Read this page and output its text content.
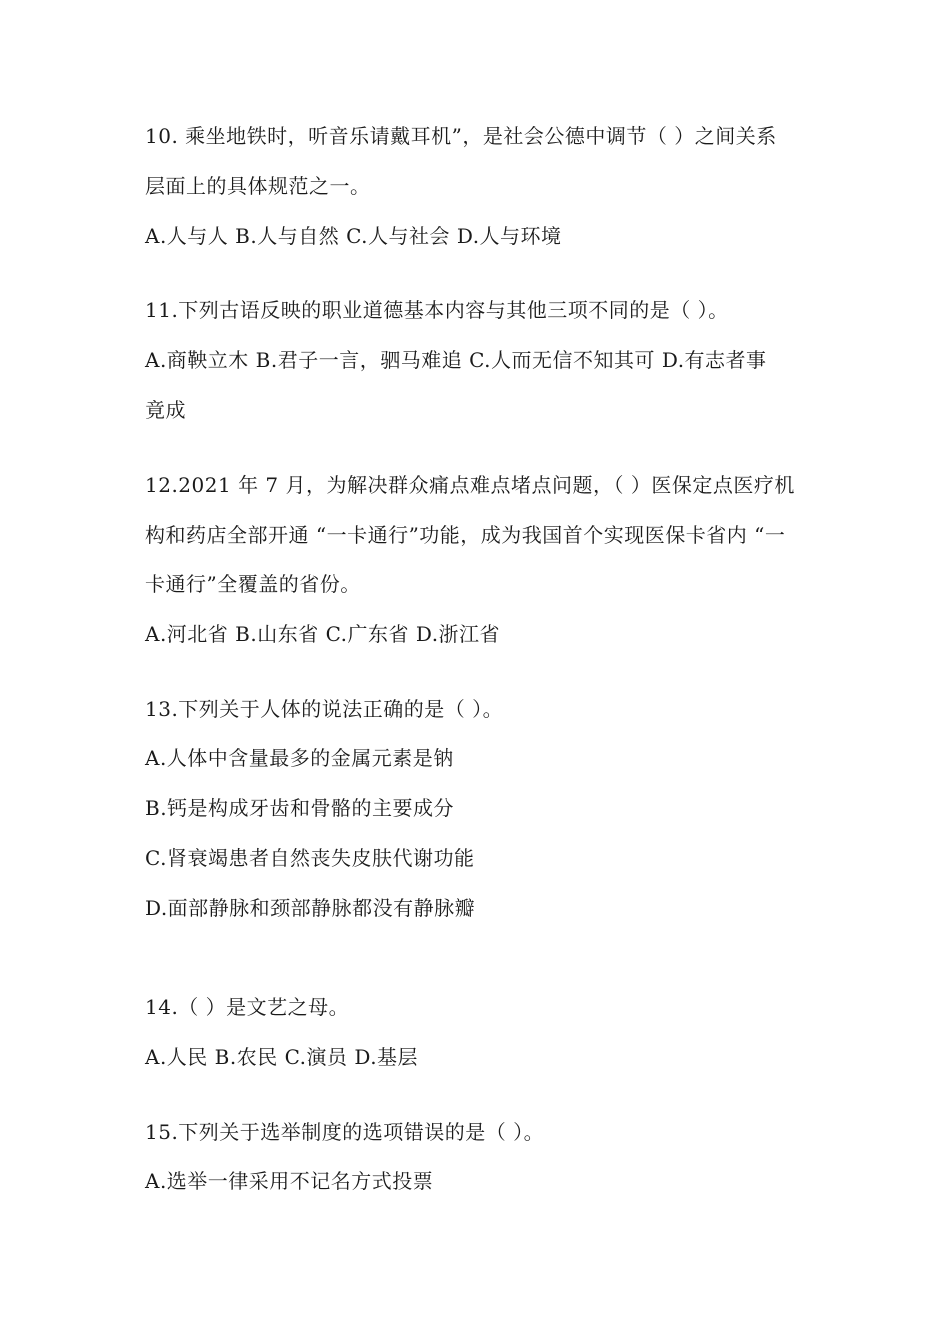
10. 乘坐地铁时，听音乐请戴耳机”，是社会公德中调节（ ）之间关系
层面上的具体规范之一。
A.人与人 B.人与自然 C.人与社会 D.人与环境
11.下列古语反映的职业道德基本内容与其他三项不同的是（ ）。
A.商鞅立木 B.君子一言，驷马难追 C.人而无信不知其可 D.有志者事
竟成
12.2021 年 7 月，为解决群众痛点难点堵点问题，（ ）医保定点医疗机
构和药店全部开通 “一卡通行”功能，成为我国首个实现医保卡省内 “一
卡通行”全覆盖的省份。
A.河北省 B.山东省 C.广东省 D.浙江省
13.下列关于人体的说法正确的是（ ）。
A.人体中含量最多的金属元素是钠
B.钙是构成牙齿和骨骼的主要成分
C.肾衰竭患者自然丧失皮肤代谢功能
D.面部静脉和颈部静脉都没有静脉瓣
14.（ ）是文艺之母。
A.人民 B.农民 C.演员 D.基层
15.下列关于选举制度的选项错误的是（ ）。
A.选举一律采用不记名方式投票
